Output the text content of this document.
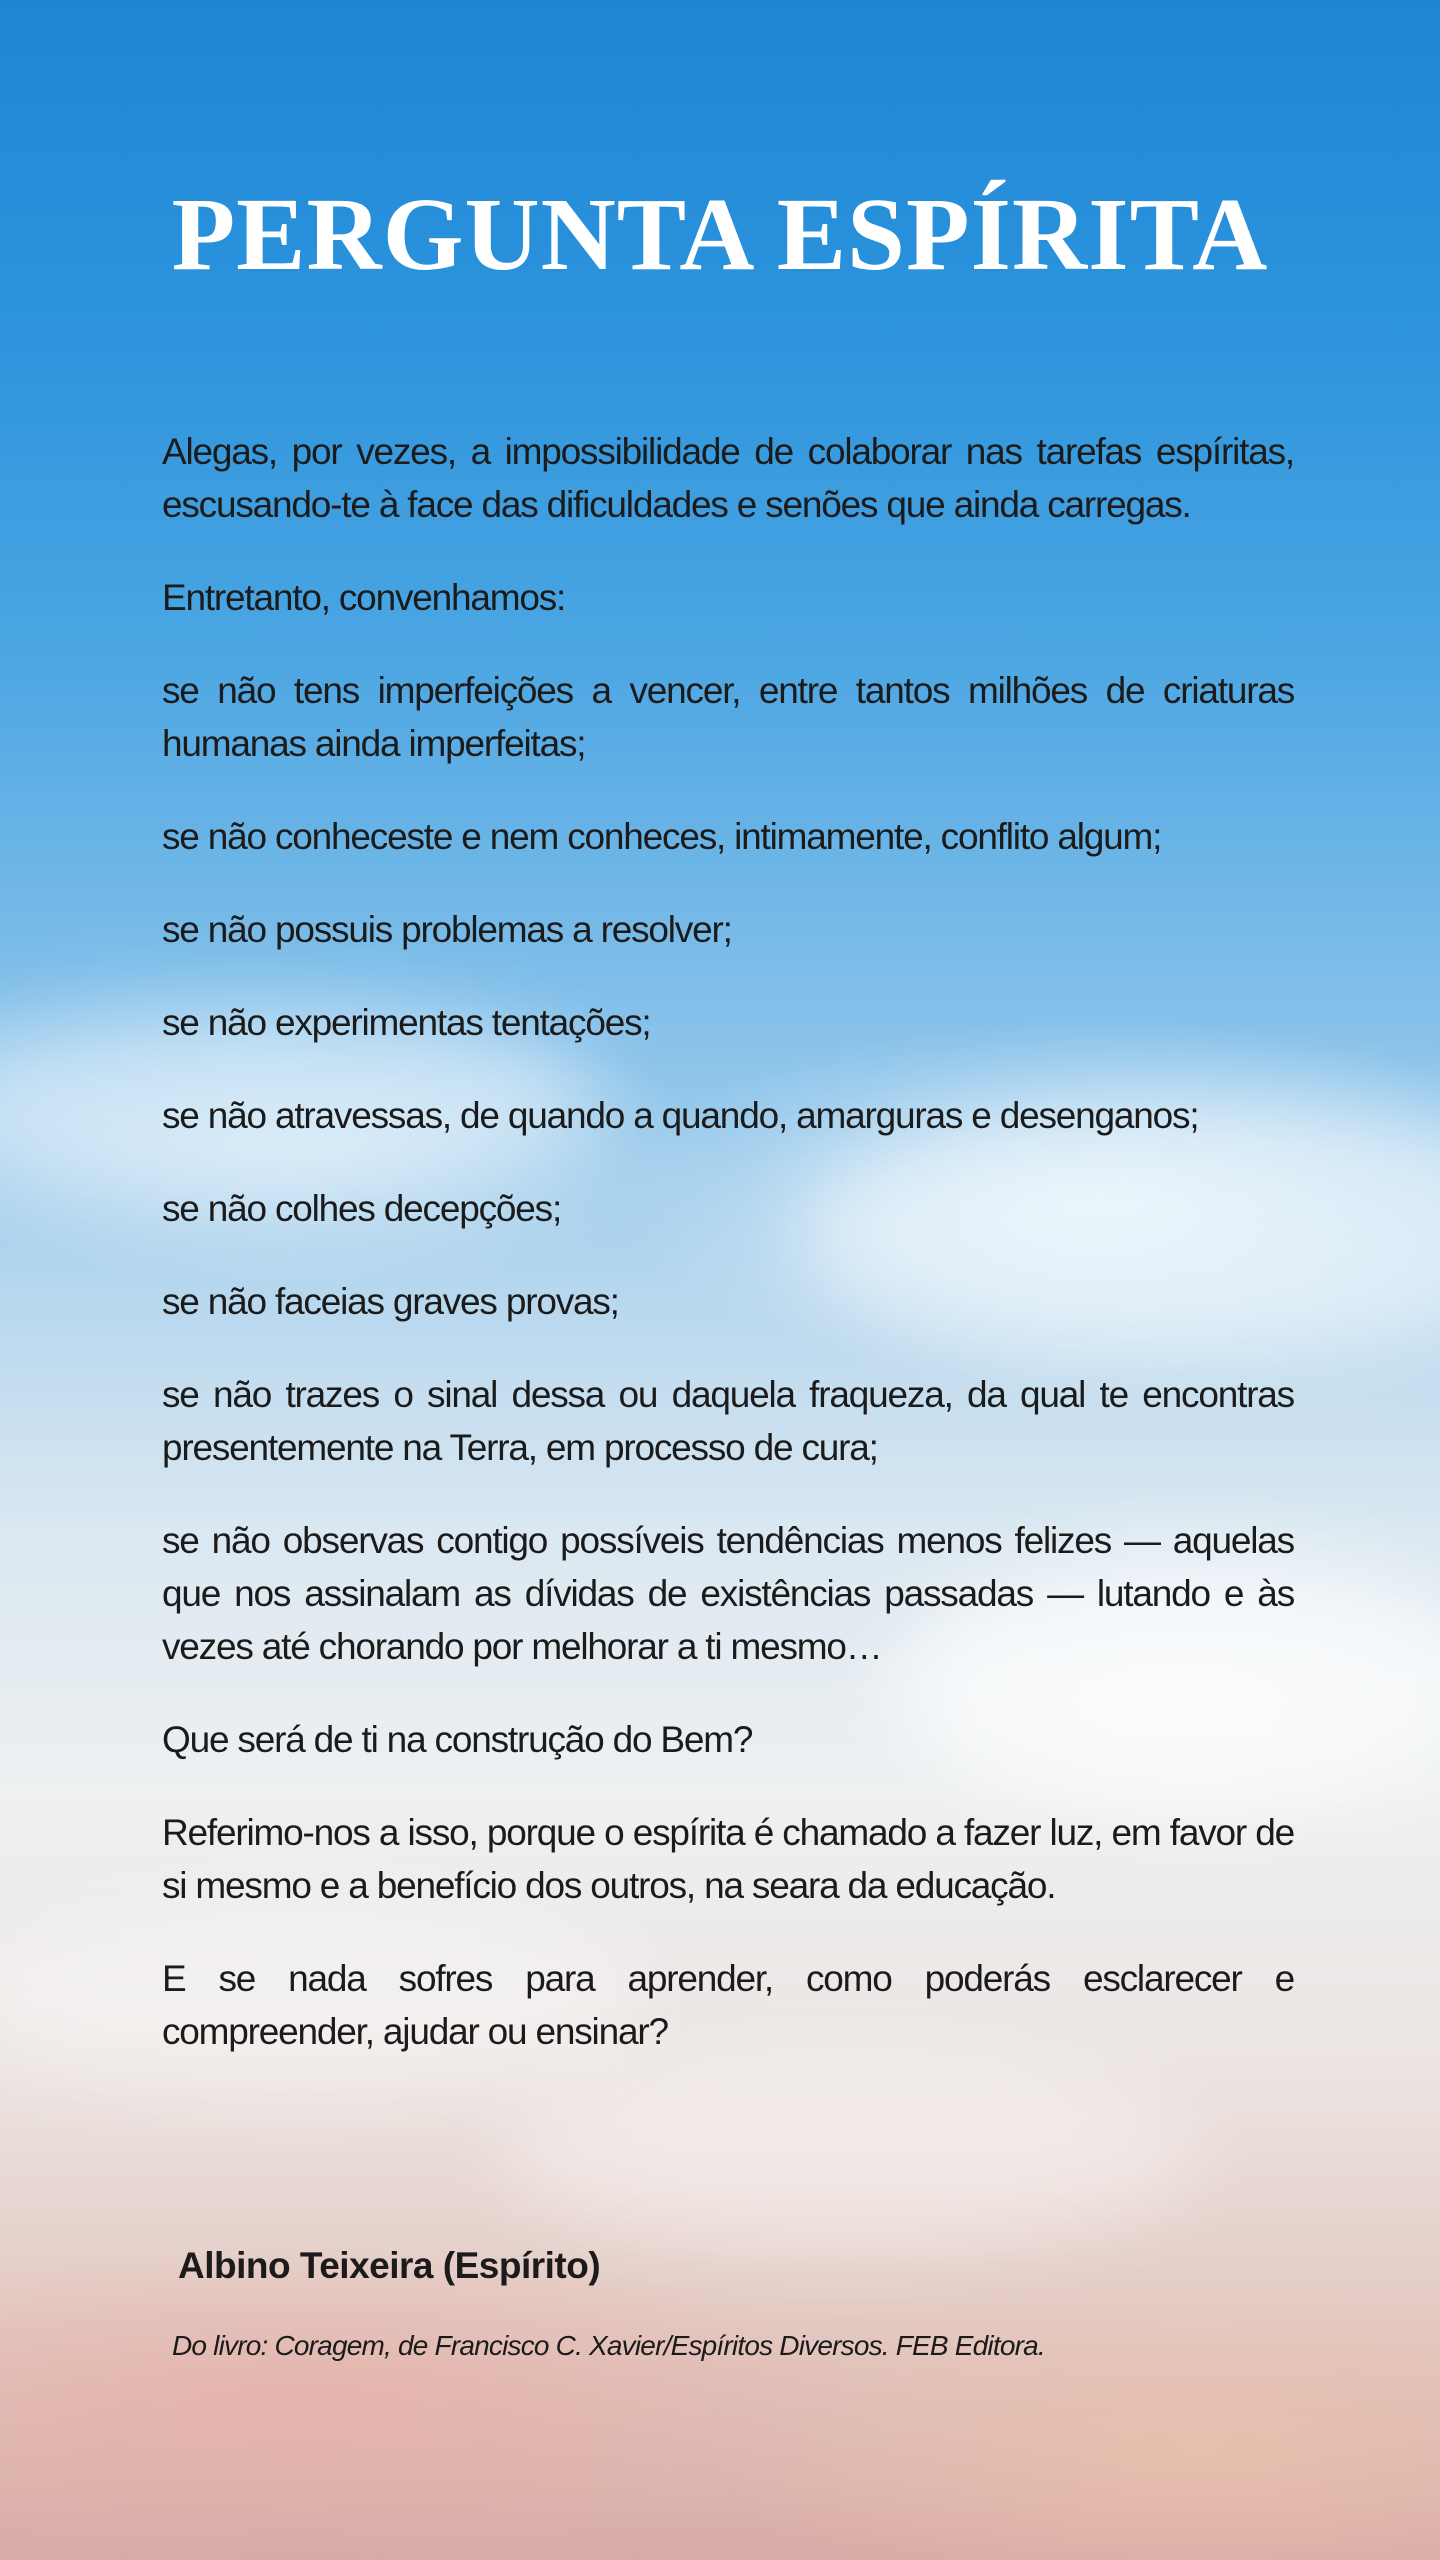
PERGUNTA ESPÍRITA

Alegas, por vezes, a impossibilidade de colaborar nas tarefas espíritas, escusando-te à face das dificuldades e senões que ainda carregas.

Entretanto, convenhamos:

se não tens imperfeições a vencer, entre tantos milhões de criaturas humanas ainda imperfeitas;

se não conheceste e nem conheces, intimamente, conflito algum;

se não possuis problemas a resolver;

se não experimentas tentações;

se não atravessas, de quando a quando, amarguras e desenganos;

se não colhes decepções;

se não faceias graves provas;

se não trazes o sinal dessa ou daquela fraqueza, da qual te encontras presentemente na Terra, em processo de cura;

se não observas contigo possíveis tendências menos felizes — aquelas que nos assinalam as dívidas de existências passadas — lutando e às vezes até chorando por melhorar a ti mesmo…

Que será de ti na construção do Bem?

Referimo-nos a isso, porque o espírita é chamado a fazer luz, em favor de si mesmo e a benefício dos outros, na seara da educação.

E se nada sofres para aprender, como poderás esclarecer e compreender, ajudar ou ensinar?

Albino Teixeira (Espírito)
Do livro: Coragem, de Francisco C. Xavier/Espíritos Diversos. FEB Editora.
